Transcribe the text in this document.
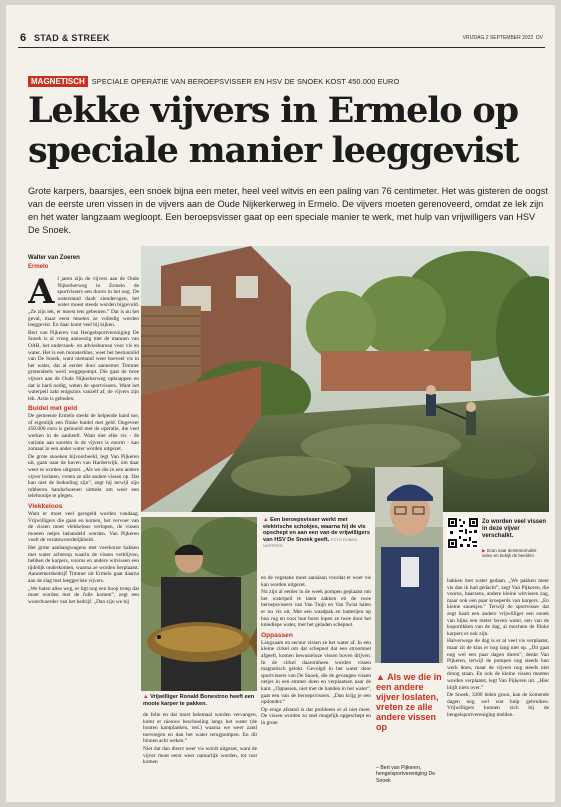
6 STAD & STREEK	VRIJDAG 2 SEPTEMBER 2022 DV
MAGNETISCH SPECIALE OPERATIE VAN BEROEPSVISSER EN HSV DE SNOEK KOST 450.000 EURO
Lekke vijvers in Ermelo op speciale manier leeggevist

Grote karpers, baarsjes, een snoek bijna een meter, heel veel witvis en een paling van 76 centimeter. Het was gisteren de oogst van de eerste uren vissen in de vijvers aan de Oude Nijkerkerweg in Ermelo. De vijvers moeten gerenoveerd, omdat ze lek zijn en het water langzaam wegloopt. Een beroepsvisser gaat op een speciale manier te werk, met hulp van vrijwilligers van HSV De Snoek.

Walter van Zoeren
Ermelo

Al jaren zijn de vijvers aan de Oude Nijkerkerweg in Ermelo de sportvissers een doorn in het oog. De waterstand daalt zienderogen, het water moest steeds worden bijgevuld. „Ze zijn lek, er moest iets gebeuren.” Dat is nu het geval, maar eerst moeten ze volledig worden leeggevist. En daar komt veel bij kijken.

Bert van Pijkeren van Hengelsportvereniging De Snoek is al vroeg aanwezig met de mannen van OAB, het onderzoek- en adviesbureau voor vis en water. Het is een monsterklus, weet het bestuurslid van De Snoek, want niemand weet hoeveel vis in het water, dat al eerder door aannemer Timmer grotendeels werd weggepompt. Die gaat de twee vijvers aan de Oude Nijkerkerweg opknappen en dat is hard nodig, weten de sportvissers. Want het waterpeil zakt enigszins vanzelf af, de vijvers zijn lek. Actie is geboden.

Buidel met geld

De gemeente Ermelo steekt de helpende hand toe, of eigenlijk een flinke buidel met geld. Ongeveer 450.000 euro is gemoeid met de operatie, die veel werken in de aanheeft. Want niet elke vis - de variatie aan soorten in de vijvers is enorm - kan zomaar in een ander water worden uitgezet.

De grote snoeken bijvoorbeeld, legt Van Pijkeren uit, gaan naar de haven van Harderwijk, om daar weer te worden uitgezet. „Als we die in een andere vijver loslaten, vreten ze alle andere vissen op. Dat kan niet de bedoeling zijn”, zegt hij terwijl zijn rubberen handschoenen uittrekt om weer een telefoontje te plegen.

Vlekkeloos

Want er moet veel geregeld worden vandaag. Vrijwilligers die gaan en komen, het vervoer van de vissen moet vlekkeloos verlopen, de vissen moeten netjes behandeld worden. Van Pijkeren voelt de verantwoordelijkheid.

Het grote aanhangwagens met voerkorne bakken met water achterop waarin de vissen verblijven, hebben de karpers, voorns en andere witvissen een tijdelijk onderkomen, waarna ze worden herplaatst. Aannemersbedrijf Timmer uit Ermelo gaat daarna aan de slag met leeggeviste vijvers.

„We halen alles weg, er ligt nog een hoop troep dat moet worden met de folie komen”, zegt een woordvoerder van het bedrijf. „Dan zijn we bij

▲ Een beroepsvisser werkt met elektrische schokjes, waarna hij de vis opschept en aan een van de vrijwilligers van HSV De Snoek geeft. FOTO RUBEN NOPPERS
▲ Vrijwilliger Ronald Bonestroo heeft een mooie karper te pakken.

de folie en dat moet helemaal worden vervangen, komt er nieuwe beschoeiing langs het water (de houten kantplanken, red.) waarna we weer zand toevoegen en dan het water terugpompen. En dit binnen acht weken.”

Niet dat dan direct weer vis wordt uitgezet, want de vijver moet eerst weer natuurlijk worden, tot rust komen

en de vegetatie moet aanslaan voordat er weer vis kan worden uitgezet.

Nu zijn al eerder in de week pompen geplaatst om het waterpeil te laten zakken en de twee beroepsvissers van Van Tuijn en Van Twist halen er nu vis uit. Met een waadpak en batterijen op hun rug en voor hun borst lopen ze twee door het kniediepe water, met het geladen schepnet.

Oppassen

Langzaam en secuur vissen ze het water af. In een kleine cirkel om dat schepnet dat een stroomnet afgeeft, komen bewusteloze vissen boven drijven. In de cirkel daaromheen worden vissen magnetisch gelokt. Gevolgd in het water door sportvissers van De Snoek, die de gevangen vissen netjes in een emmer doen en verplaatsen naar de kant. „Oppassen, niet met de handen in het water”, gaat een van de beroepsvissers. „Dan krijg je een opdonder.”

Op enige afstand is dat probleem er al niet meer. De vissen worden zo snel mogelijk opgeschept en in grote

▲ Als we die in een andere vijver loslaten, vreten ze alle andere vissen op
– Bert van Pijkeren, hengelsportvereniging De Snoek
Zo worden veel vissen in deze vijver verschalkt.
▶ Scan naar destentornalist video en bekijk de beelden

bakken met water gedaan. „We pakken meer vis dan ik had gedacht”, zegt Van Pijkeren, die voorns, baarzens, andere kleine witvissen zag, maar ook een paar kroeperds van karpers. „En kleine snoekjes.” Terwijl de sportvisser dat zegt haalt een andere vrijwilliger een snoek van bijna een meter boven water, een van de koportikken van de dag, al mochten de flinke karpers er ook zijn.

Halverwege de dag is er al veel vis verplaatst, maar zit de klus er nog lang niet op. „Dit gaat nog wel een paar dagen duren”, denkt Van Pijkeren, terwijl de pompen nog steeds hun werk doen, maar de vijvers nog steeds niet droog staan. En ook de kleine vissen moeten worden verplaatst, legt Van Pijkeren uit. „Hier blijft niets over.”

De Snoek, 3300 leden groot, kan de komende dagen nog wel wat hulp gebruiken. Vrijwilligers kunnen zich bij de hengelsportvereniging melden.
